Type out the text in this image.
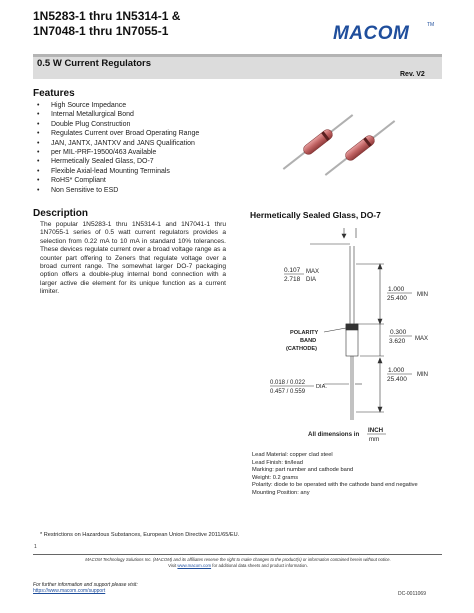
1N5283-1 thru 1N5314-1 &
1N7048-1 thru 1N7055-1	MACOM	TM
0.5 W Current Regulators
Rev. V2
Features
• High Source Impedance
• Internal Metallurgical Bond
• Double Plug Construction
• Regulates Current over Broad Operating Range
• JAN, JANTX, JANTXV and JANS Qualification
• per MIL-PRF-19500/463 Available
• Hermetically Sealed Glass, DO-7
• Flexible Axial-lead Mounting Terminals
• RoHS* Compliant
• Non Sensitive to ESD
Description
The popular 1N5283-1 thru 1N5314-1 and 1N7041-1 thru 1N7055-1 series of 0.5 watt current regulators provides a selection from 0.22 mA to 10 mA in standard 10% tolerances. These devices regulate current over a broad voltage range as a counter part offering to Zeners that regulate voltage over a broad current range. The somewhat larger DO-7 packaging option offers a double-plug internal bond connection with a larger active die element for its unique function as a current limiter.
Hermetically Sealed Glass, DO-7
0.107
2.718
MAX
DIA
1.000
25.400 MIN
POLARITY
BAND
(CATHODE)
0.300
3.620 MAX
1.000
25.400
MIN
0.018 / 0.022
0.457 / 0.559
DIA.
All dimensions in
INCH
mm
Lead Material: copper clad steel
Lead Finish: tin/lead
Marking: part number and cathode band
Weight: 0.2 grams
Polarity: diode to be operated with the cathode band end negative
Mounting Position: any
* Restrictions on Hazardous Substances, European Union Directive 2011/65/EU.
1
MACOM Technology Solutions Inc. (MACOM) and its affiliates reserve the right to make changes to the product(s) or information contained herein without notice.
Visit www.macom.com for additional data sheets and product information.
For further information and support please visit:
https://www.macom.com/support	DC-0011069
